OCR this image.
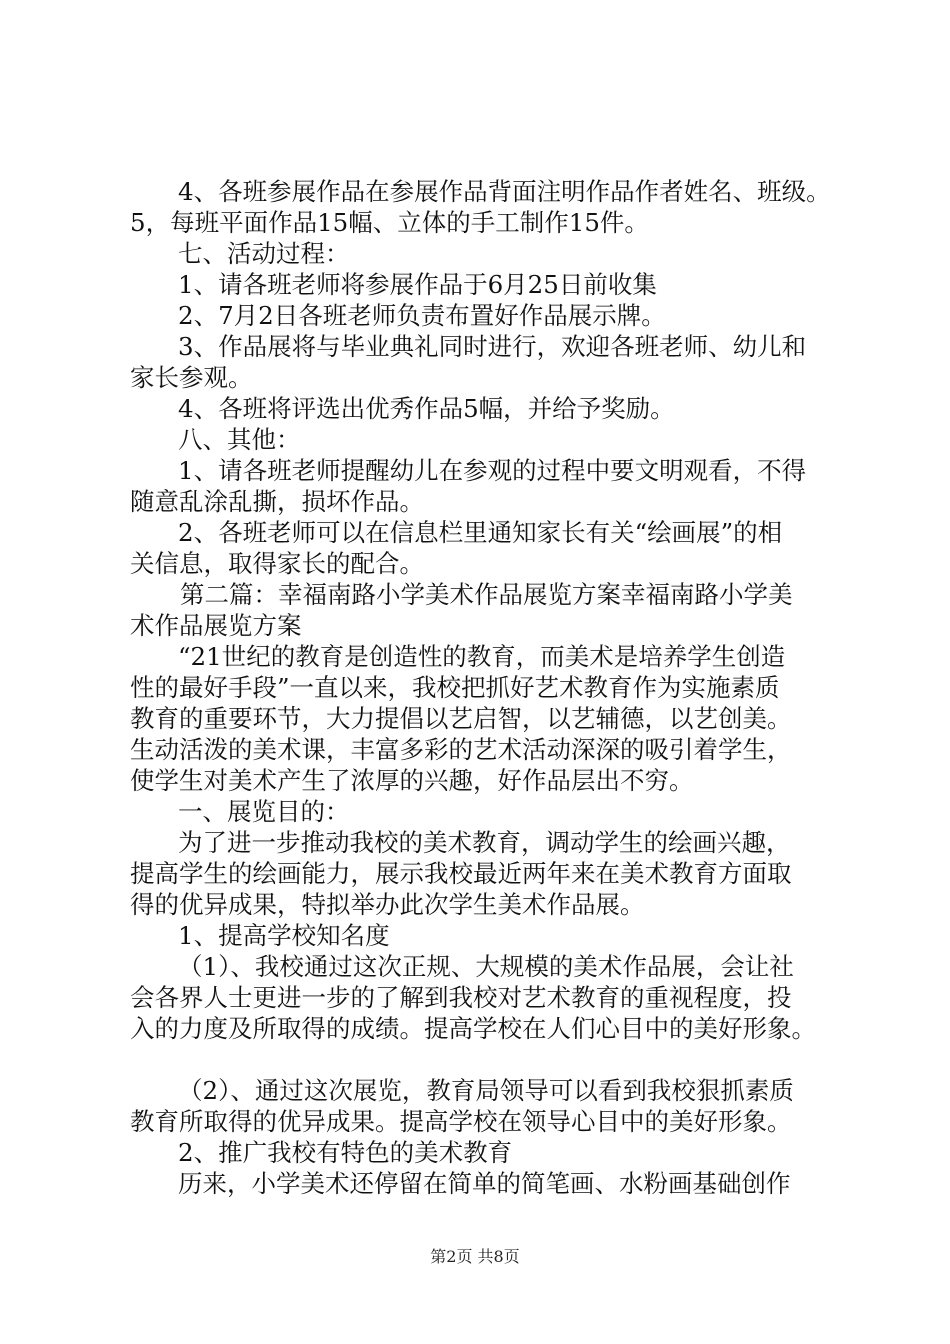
4、各班参展作品在参展作品背面注明作品作者姓名、班级。
5，每班平面作品15幅、立体的手工制作15件。
七、活动过程：
1、请各班老师将参展作品于6月25日前收集
2、7月2日各班老师负责布置好作品展示牌。
3、作品展将与毕业典礼同时进行，欢迎各班老师、幼儿和
家长参观。
4、各班将评选出优秀作品5幅，并给予奖励。
八、其他：
1、请各班老师提醒幼儿在参观的过程中要文明观看，不得
随意乱涂乱撕，损坏作品。
2、各班老师可以在信息栏里通知家长有关“绘画展”的相
关信息，取得家长的配合。
第二篇：幸福南路小学美术作品展览方案幸福南路小学美
术作品展览方案
“21世纪的教育是创造性的教育，而美术是培养学生创造
性的最好手段”一直以来，我校把抓好艺术教育作为实施素质
教育的重要环节，大力提倡以艺启智，以艺辅德，以艺创美。
生动活泼的美术课，丰富多彩的艺术活动深深的吸引着学生，
使学生对美术产生了浓厚的兴趣，好作品层出不穷。
一、展览目的：
为了进一步推动我校的美术教育，调动学生的绘画兴趣，
提高学生的绘画能力，展示我校最近两年来在美术教育方面取
得的优异成果，特拟举办此次学生美术作品展。
1、提高学校知名度
（1）、我校通过这次正规、大规模的美术作品展，会让社
会各界人士更进一步的了解到我校对艺术教育的重视程度，投
入的力度及所取得的成绩。提高学校在人们心目中的美好形象。
（2）、通过这次展览，教育局领导可以看到我校狠抓素质
教育所取得的优异成果。提高学校在领导心目中的美好形象。
2、推广我校有特色的美术教育
历来，小学美术还停留在简单的简笔画、水粉画基础创作
第2页 共8页
